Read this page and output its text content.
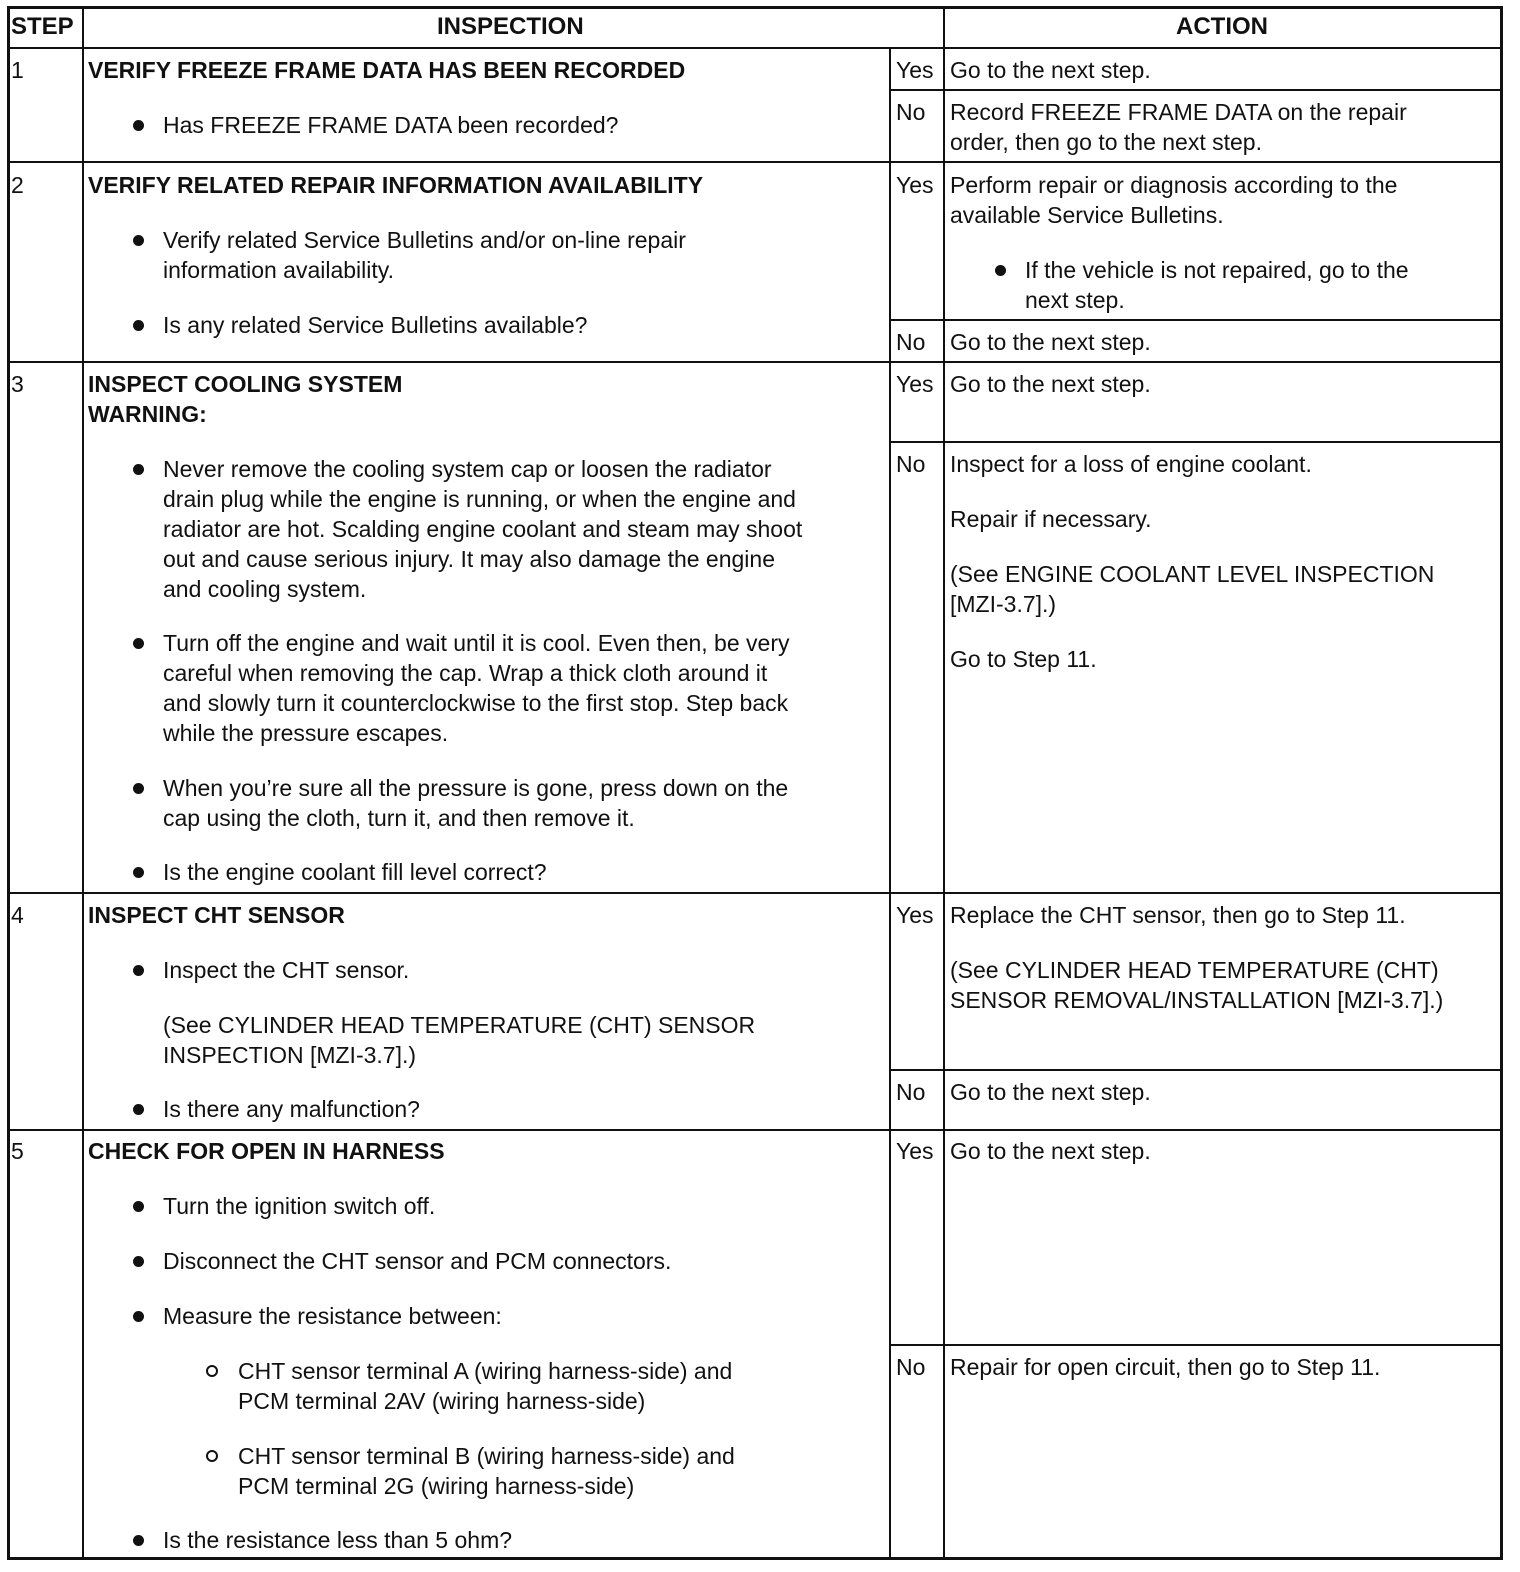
STEP	INSPECTION	ACTION
1	VERIFY FREEZE FRAME DATA HAS BEEN RECORDED
Has FREEZE FRAME DATA been recorded?
Yes Go to the next step.
No Record FREEZE FRAME DATA on the repair
order, then go to the next step.
2	VERIFY RELATED REPAIR INFORMATION AVAILABILITY
Verify related Service Bulletins and/or on-line repair
information availability.
Is any related Service Bulletins available?
Yes Perform repair or diagnosis according to the
available Service Bulletins.
If the vehicle is not repaired, go to the
next step.
No Go to the next step.
3	INSPECT COOLING SYSTEM
WARNING:
Never remove the cooling system cap or loosen the radiator
drain plug while the engine is running, or when the engine and
radiator are hot. Scalding engine coolant and steam may shoot
out and cause serious injury. It may also damage the engine
and cooling system.
Turn off the engine and wait until it is cool. Even then, be very
careful when removing the cap. Wrap a thick cloth around it
and slowly turn it counterclockwise to the first stop. Step back
while the pressure escapes.
When you’re sure all the pressure is gone, press down on the
cap using the cloth, turn it, and then remove it.
Is the engine coolant fill level correct?
Yes Go to the next step.
No Inspect for a loss of engine coolant.
Repair if necessary.
(See ENGINE COOLANT LEVEL INSPECTION
[MZI-3.7].)
Go to Step 11.
4	INSPECT CHT SENSOR
Inspect the CHT sensor.
(See CYLINDER HEAD TEMPERATURE (CHT) SENSOR
INSPECTION [MZI-3.7].)
Is there any malfunction?
Yes Replace the CHT sensor, then go to Step 11.
(See CYLINDER HEAD TEMPERATURE (CHT)
SENSOR REMOVAL/INSTALLATION [MZI-3.7].)
No Go to the next step.
5	CHECK FOR OPEN IN HARNESS
Turn the ignition switch off.
Disconnect the CHT sensor and PCM connectors.
Measure the resistance between:
CHT sensor terminal A (wiring harness-side) and
PCM terminal 2AV (wiring harness-side)
CHT sensor terminal B (wiring harness-side) and
PCM terminal 2G (wiring harness-side)
Is the resistance less than 5 ohm?
Yes Go to the next step.
No Repair for open circuit, then go to Step 11.
